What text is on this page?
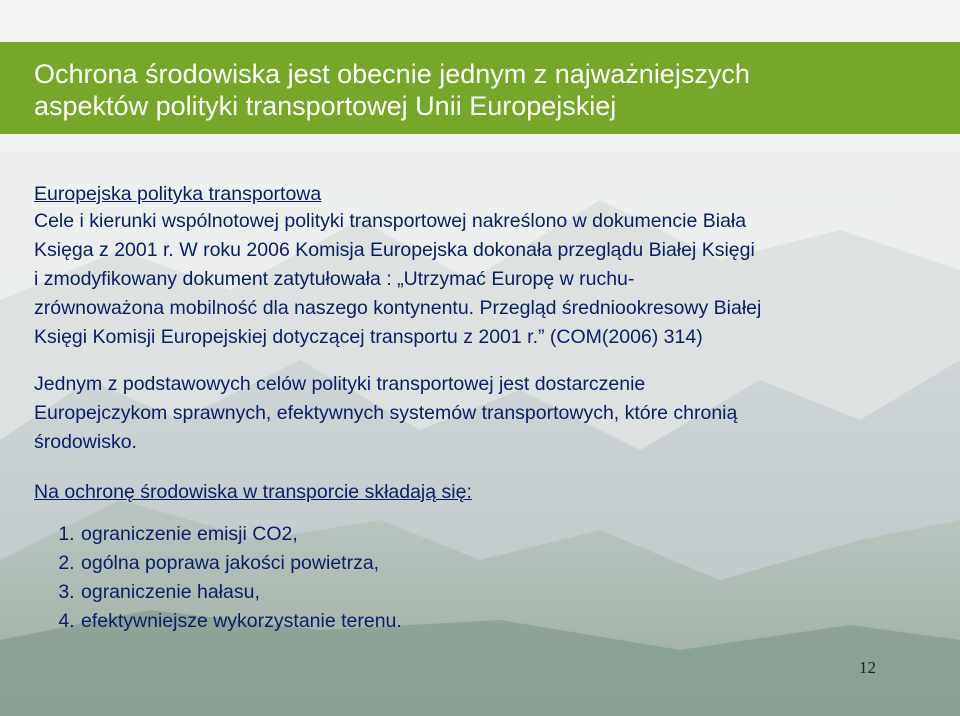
Ochrona środowiska jest obecnie jednym z najważniejszych
aspektów polityki transportowej Unii Europejskiej
Europejska polityka transportowa
Cele i kierunki wspólnotowej polityki transportowej nakreślono w dokumencie Biała
Księga z 2001 r. W roku 2006 Komisja Europejska dokonała przeglądu Białej Księgi
i zmodyfikowany dokument zatytułowała : „Utrzymać Europę w ruchu-
zrównoważona mobilność dla naszego kontynentu. Przegląd średniookresowy Białej
Księgi Komisji Europejskiej dotyczącej transportu z 2001 r.” (COM(2006) 314)
Jednym z podstawowych celów polityki transportowej jest dostarczenie
Europejczykom sprawnych, efektywnych systemów transportowych, które chronią
środowisko.
Na ochronę środowiska w transporcie składają się:
1. ograniczenie emisji CO2,
2. ogólna poprawa jakości powietrza,
3. ograniczenie hałasu,
4. efektywniejsze wykorzystanie terenu.
12
